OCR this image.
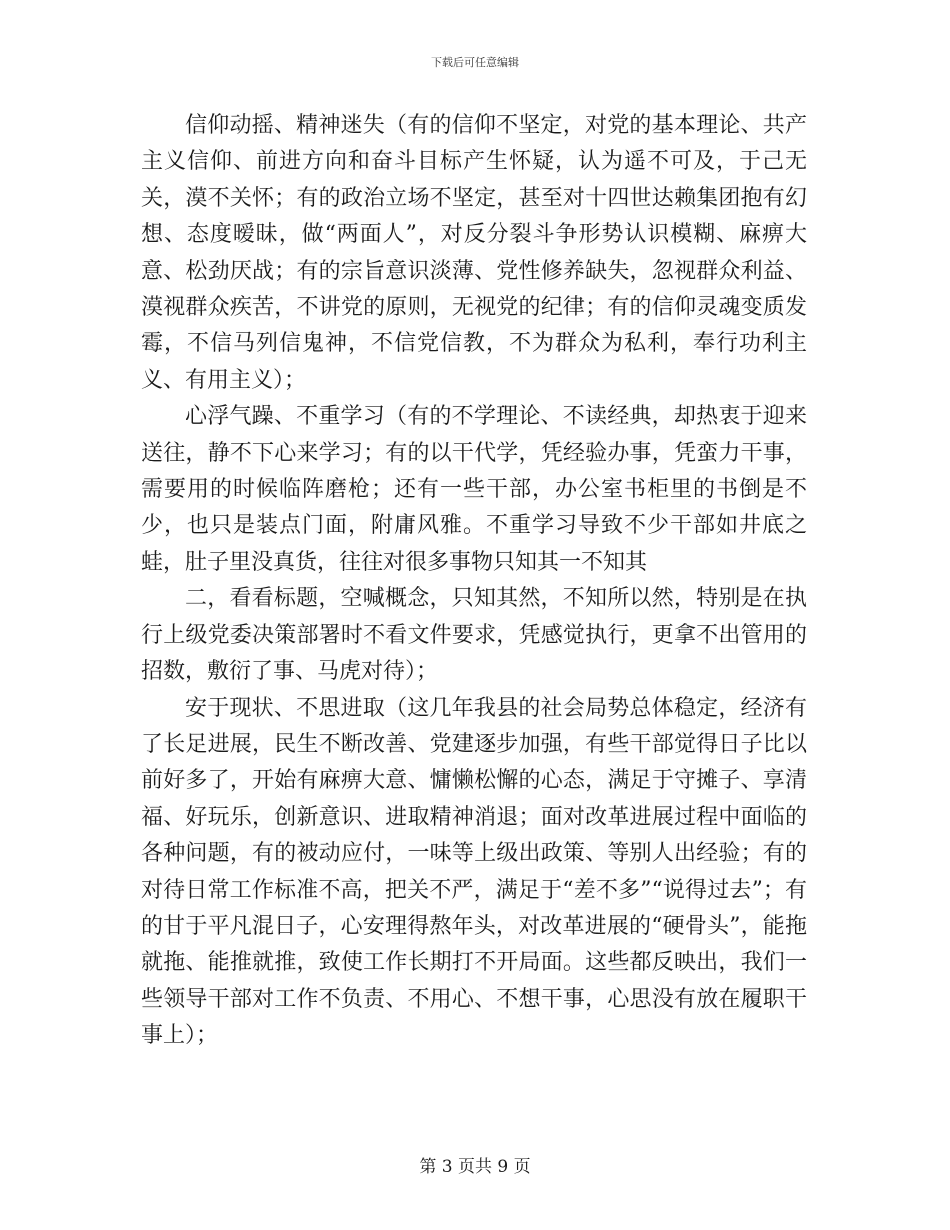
下载后可任意编辑

信仰动摇、精神迷失（有的信仰不坚定，对党的基本理论、共产主义信仰、前进方向和奋斗目标产生怀疑，认为遥不可及，于己无关，漠不关怀；有的政治立场不坚定，甚至对十四世达赖集团抱有幻想、态度暧昧，做“两面人”，对反分裂斗争形势认识模糊、麻痹大意、松劲厌战；有的宗旨意识淡薄、党性修养缺失，忽视群众利益、漠视群众疾苦，不讲党的原则，无视党的纪律；有的信仰灵魂变质发霉，不信马列信鬼神，不信党信教，不为群众为私利，奉行功利主义、有用主义）；

心浮气躁、不重学习（有的不学理论、不读经典，却热衷于迎来送往，静不下心来学习；有的以干代学，凭经验办事，凭蛮力干事，需要用的时候临阵磨枪；还有一些干部，办公室书柜里的书倒是不少，也只是装点门面，附庸风雅。不重学习导致不少干部如井底之蛙，肚子里没真货，往往对很多事物只知其一不知其

二，看看标题，空喊概念，只知其然，不知所以然，特别是在执行上级党委决策部署时不看文件要求，凭感觉执行，更拿不出管用的招数，敷衍了事、马虎对待）；

安于现状、不思进取（这几年我县的社会局势总体稳定，经济有了长足进展，民生不断改善、党建逐步加强，有些干部觉得日子比以前好多了，开始有麻痹大意、慵懒松懈的心态，满足于守摊子、享清福、好玩乐，创新意识、进取精神消退；面对改革进展过程中面临的各种问题，有的被动应付，一味等上级出政策、等别人出经验；有的对待日常工作标准不高，把关不严，满足于“差不多”“说得过去”；有的甘于平凡混日子，心安理得熬年头，对改革进展的“硬骨头”，能拖就拖、能推就推，致使工作长期打不开局面。这些都反映出，我们一些领导干部对工作不负责、不用心、不想干事，心思没有放在履职干事上）；

第 3 页共 9 页
